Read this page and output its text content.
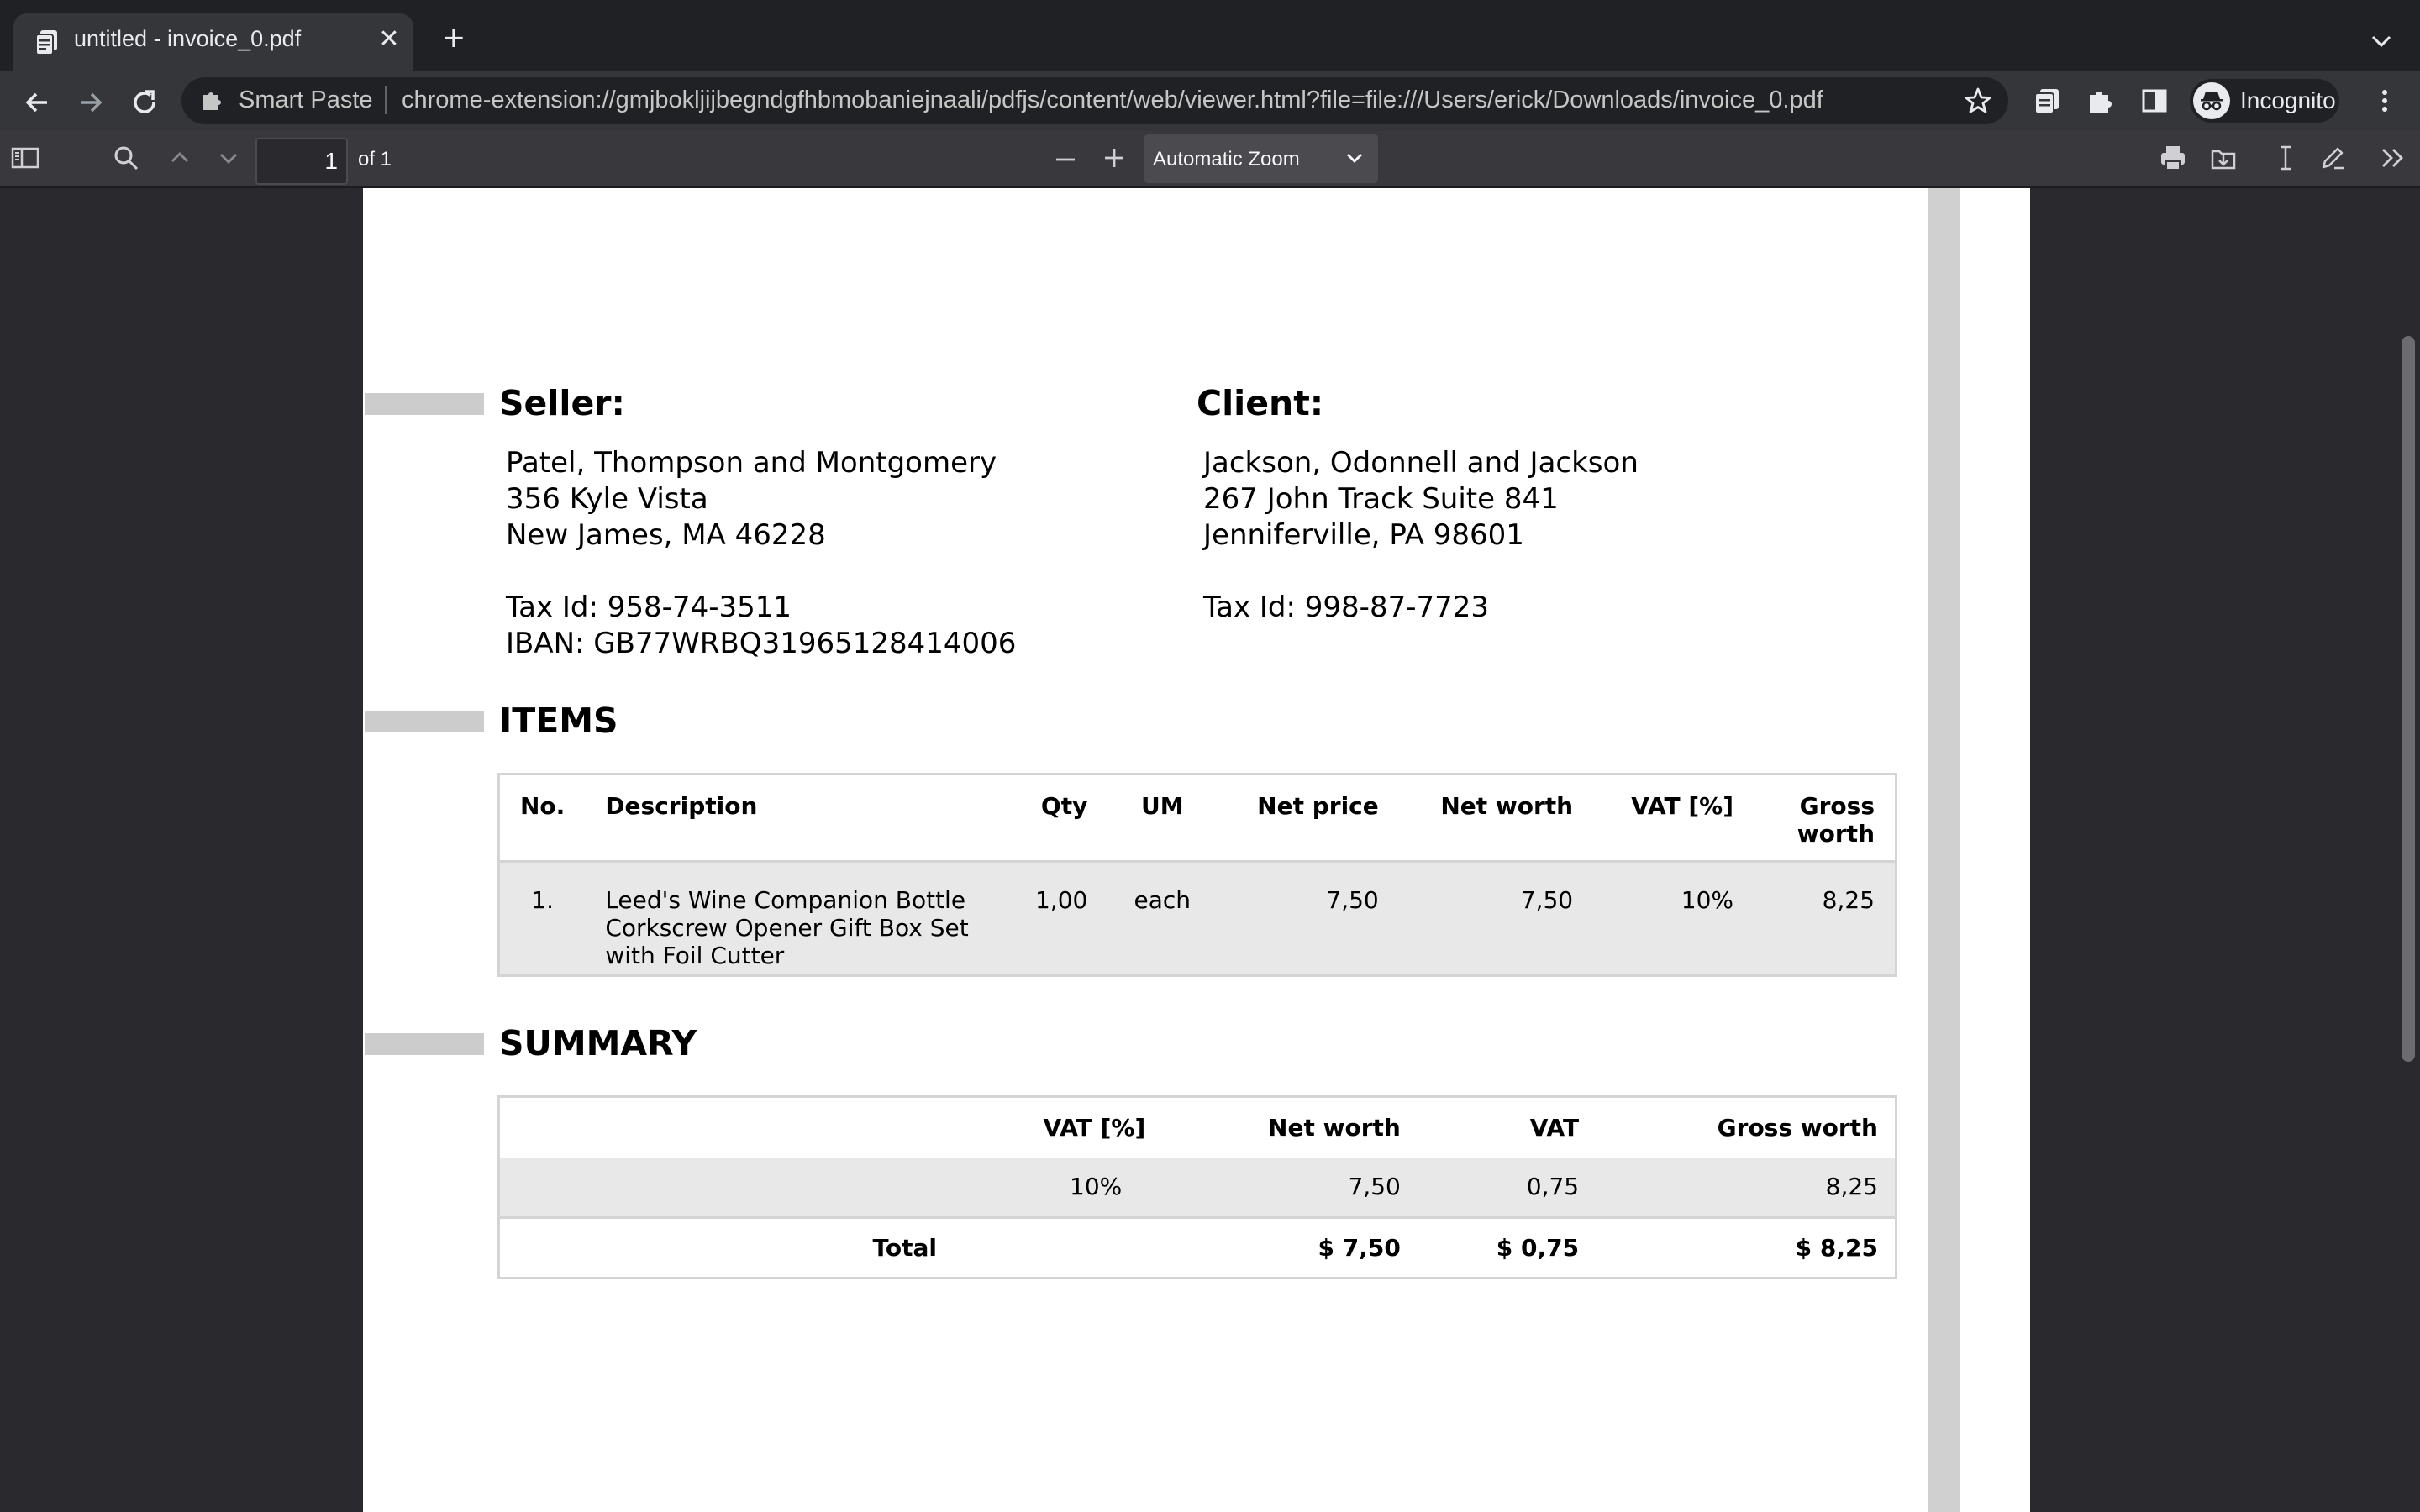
untitled - invoice_0.pdf	✕ +
Smart Paste chrome-extension://gmjbokljijbegndgfhbmobaniejnaali/pdfjs/content/web/viewer.html?file=file:///Users/erick/Downloads/invoice_0.pdf	Incognito
1
of 1	Automatic Zoom
Seller:
Patel, Thompson and Montgomery
356 Kyle Vista
New James, MA 46228

Tax Id: 958-74-3511
IBAN: GB77WRBQ31965128414006
Client:
Jackson, Odonnell and Jackson
267 John Track Suite 841
Jenniferville, PA 98601

Tax Id: 998-87-7723
ITEMS
No.	Description	Qty	UM	Net price	Net worth	VAT [%]	Gross worth
1.	Leed's Wine Companion Bottle Corkscrew Opener Gift Box Set with Foil Cutter	1,00	each	7,50	7,50	10%	8,25
SUMMARY
	VAT [%]	Net worth	VAT	Gross worth
	10%	7,50	0,75	8,25
Total		$ 7,50	$ 0,75	$ 8,25
